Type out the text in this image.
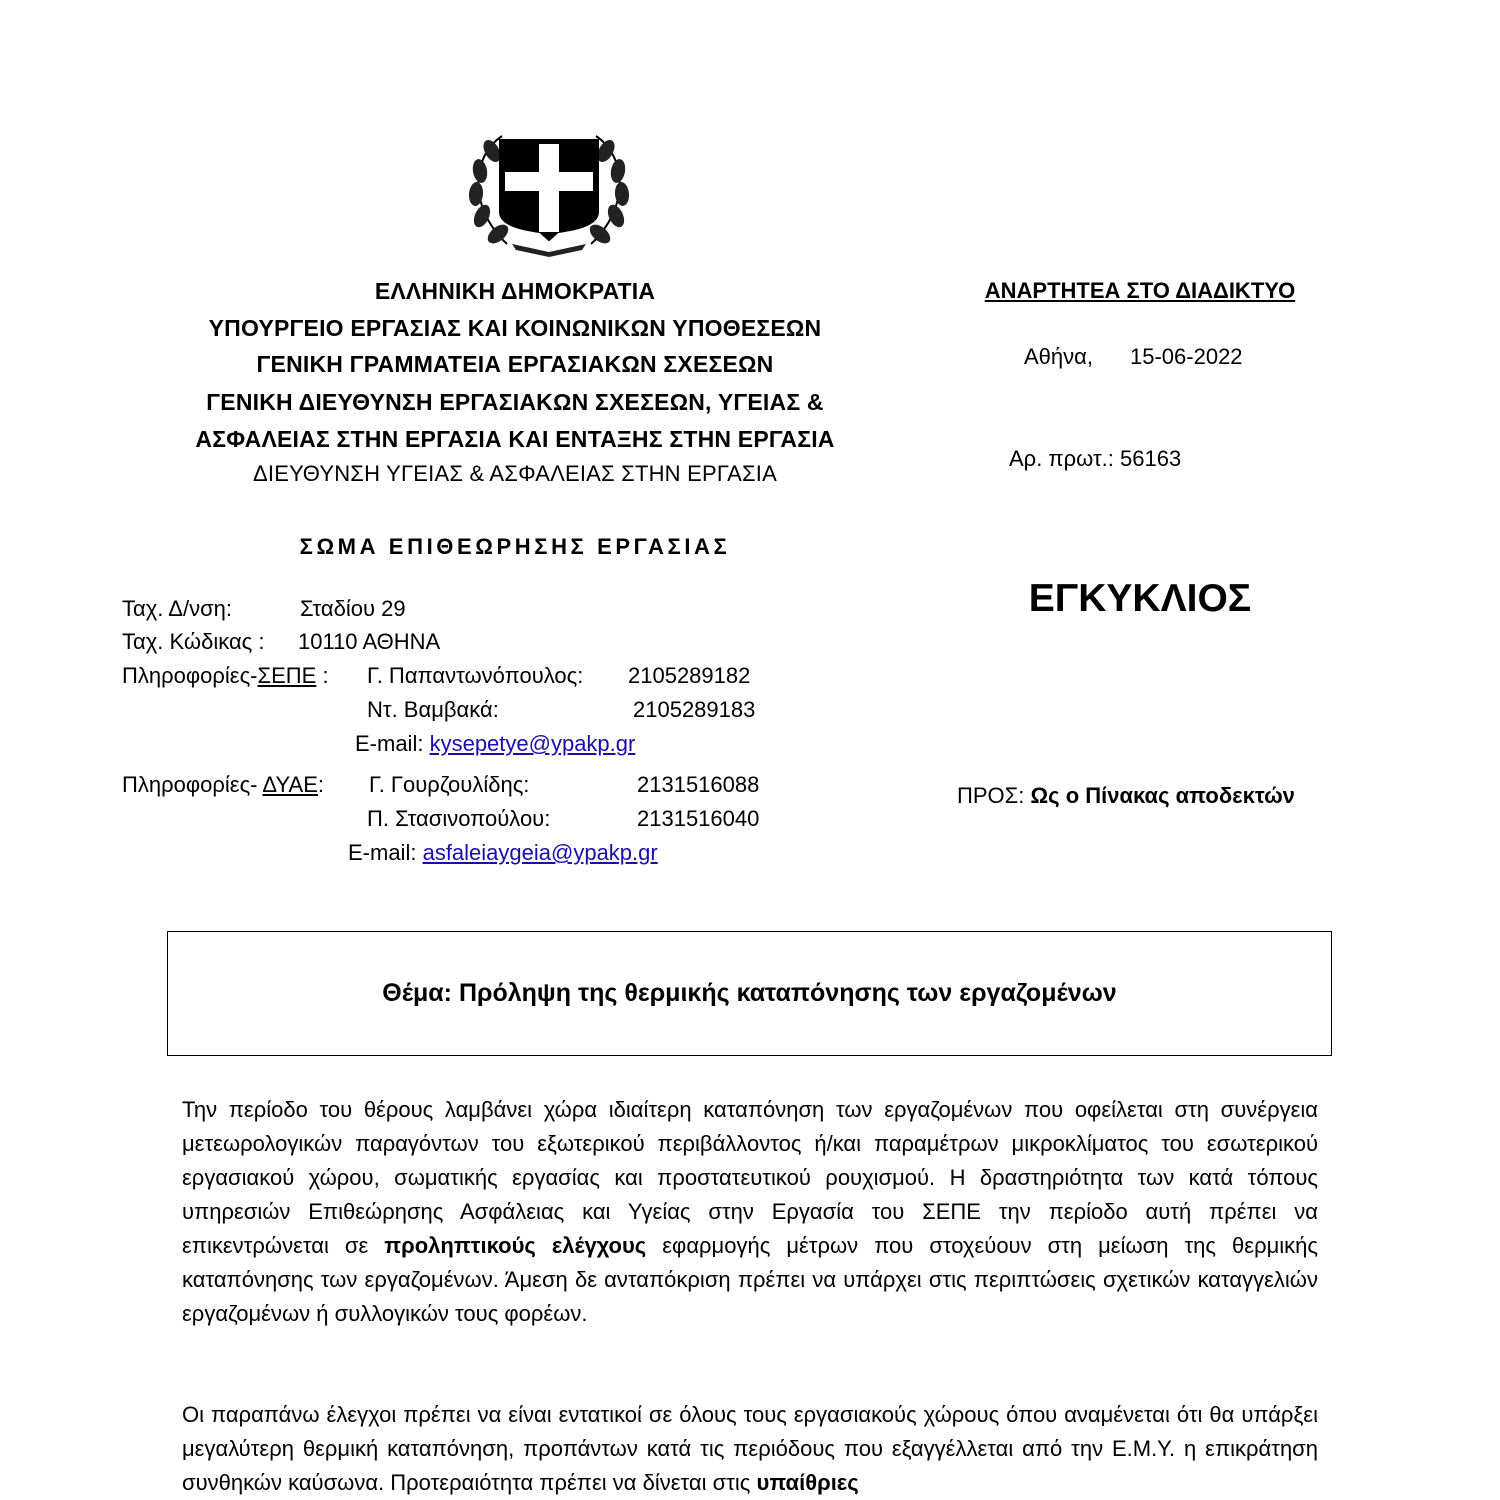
ΕΛΛΗΝΙΚΗ ΔΗΜΟΚΡΑΤΙΑ
ΥΠΟΥΡΓΕΙΟ ΕΡΓΑΣΙΑΣ ΚΑΙ ΚΟΙΝΩΝΙΚΩΝ ΥΠΟΘΕΣΕΩΝ
ΓΕΝΙΚΗ ΓΡΑΜΜΑΤΕΙΑ ΕΡΓΑΣΙΑΚΩΝ ΣΧΕΣΕΩΝ
ΓΕΝΙΚΗ ΔΙΕΥΘΥΝΣΗ ΕΡΓΑΣΙΑΚΩΝ ΣΧΕΣΕΩΝ, ΥΓΕΙΑΣ &
ΑΣΦΑΛΕΙΑΣ ΣΤΗΝ ΕΡΓΑΣΙΑ ΚΑΙ ΕΝΤΑΞΗΣ ΣΤΗΝ ΕΡΓΑΣΙΑ
ΔΙΕΥΘΥΝΣΗ ΥΓΕΙΑΣ & ΑΣΦΑΛΕΙΑΣ ΣΤΗΝ ΕΡΓΑΣΙΑ
ΣΩΜΑ ΕΠΙΘΕΩΡΗΣΗΣ ΕΡΓΑΣΙΑΣ
Ταχ. Δ/νση:	Σταδίου 29
Ταχ. Κώδικας : 10110 ΑΘΗΝΑ
Πληροφορίες-ΣΕΠΕ : Γ. Παπαντωνόπουλος: 2105289182
Ντ. Βαμβακά:	2105289183
E-mail: kysepetye@ypakp.gr
Πληροφορίες- ΔΥΑΕ: Γ. Γουρζουλίδης:	2131516088
Π. Στασινοπούλου:	2131516040
E-mail: asfaleiaygeia@ypakp.gr
ΑΝΑΡΤΗΤΕΑ ΣΤΟ ΔΙΑΔΙΚΤΥΟ
Αθήνα, 15-06-2022
Αρ. πρωτ.: 56163
ΕΓΚΥΚΛΙΟΣ
ΠΡΟΣ: Ως ο Πίνακας αποδεκτών
Θέμα: Πρόληψη της θερμικής καταπόνησης των εργαζομένων
Την περίοδο του θέρους λαμβάνει χώρα ιδιαίτερη καταπόνηση των εργαζομένων που οφείλεται στη συνέργεια μετεωρολογικών παραγόντων του εξωτερικού περιβάλλοντος ή/και παραμέτρων μικροκλίματος του εσωτερικού εργασιακού χώρου, σωματικής εργασίας και προστατευτικού ρουχισμού. Η δραστηριότητα των κατά τόπους υπηρεσιών Επιθεώρησης Ασφάλειας και Υγείας στην Εργασία του ΣΕΠΕ την περίοδο αυτή πρέπει να επικεντρώνεται σε προληπτικούς ελέγχους εφαρμογής μέτρων που στοχεύουν στη μείωση της θερμικής καταπόνησης των εργαζομένων. Άμεση δε ανταπόκριση πρέπει να υπάρχει στις περιπτώσεις σχετικών καταγγελιών εργαζομένων ή συλλογικών τους φορέων.
Οι παραπάνω έλεγχοι πρέπει να είναι εντατικοί σε όλους τους εργασιακούς χώρους όπου αναμένεται ότι θα υπάρξει μεγαλύτερη θερμική καταπόνηση, προπάντων κατά τις περιόδους που εξαγγέλλεται από την Ε.Μ.Υ. η επικράτηση συνθηκών καύσωνα. Προτεραιότητα πρέπει να δίνεται στις υπαίθριες
